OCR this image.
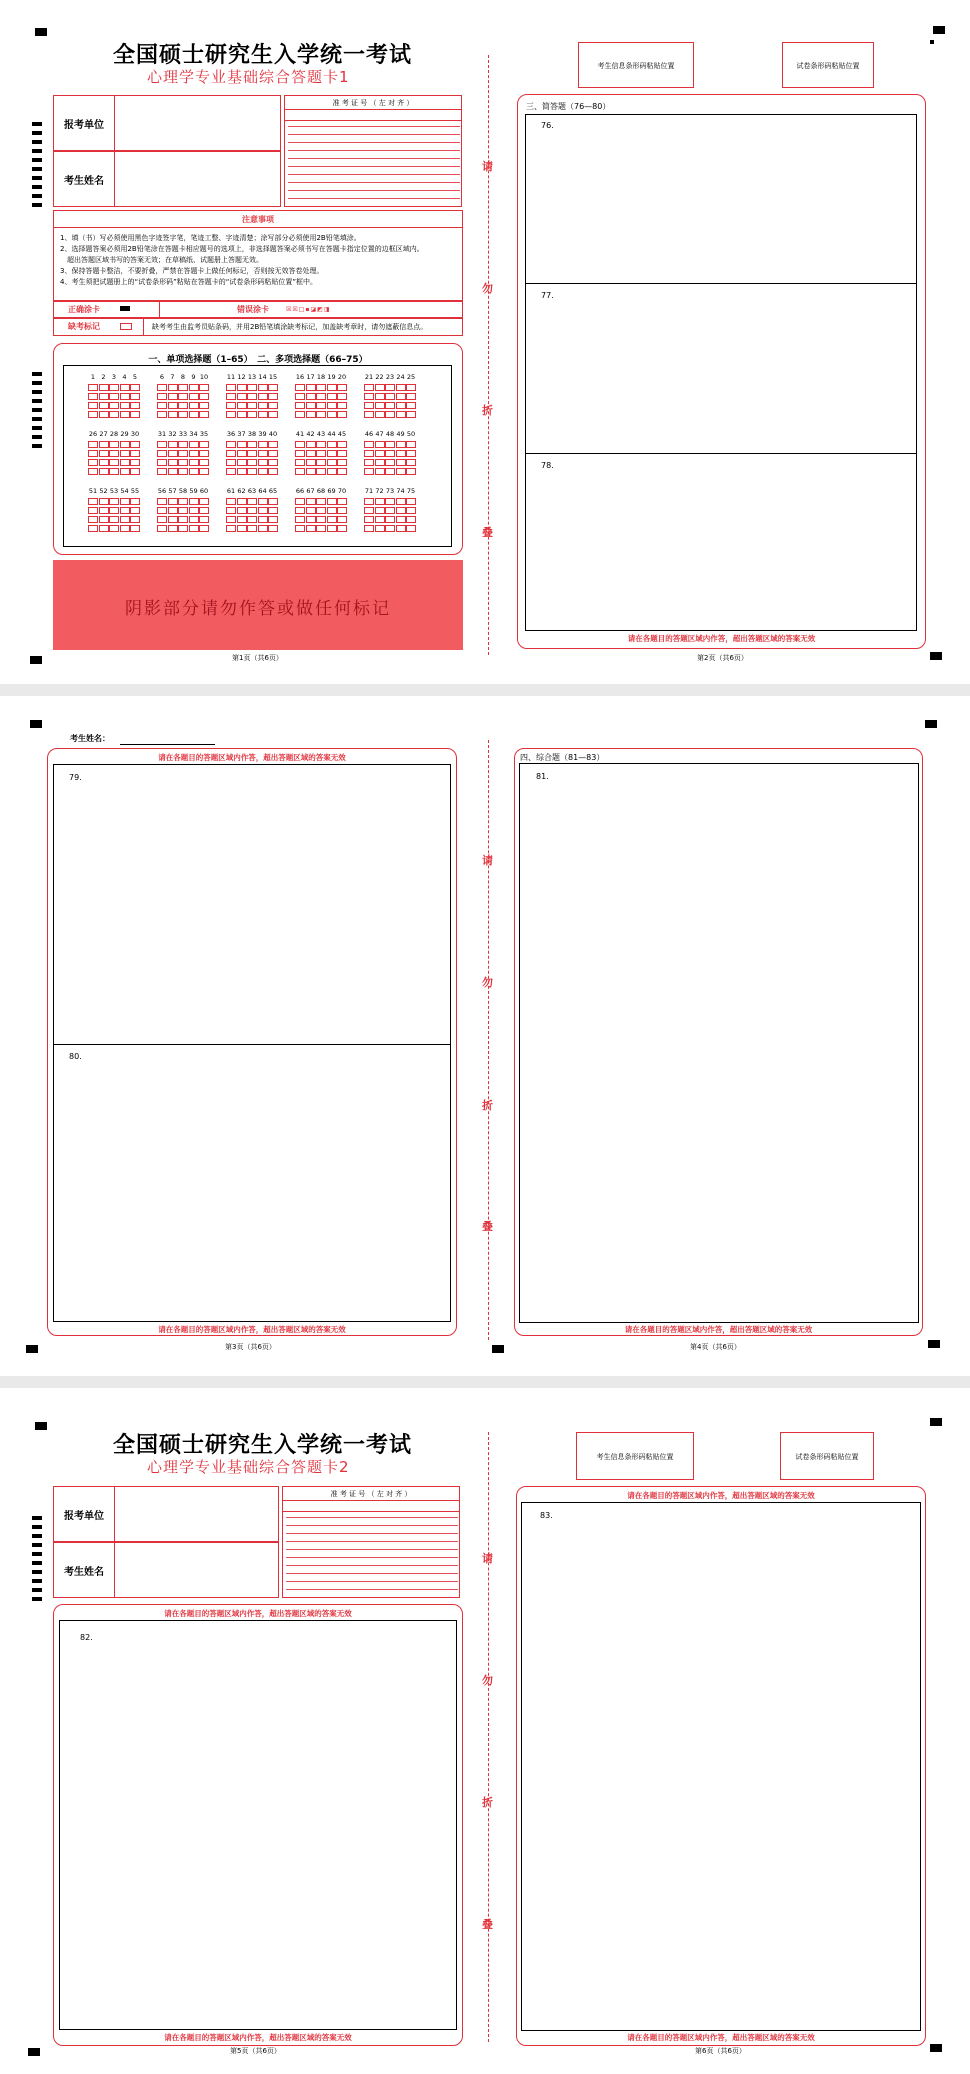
全国硕士研究生入学统一考试
心理学专业基础综合答题卡1
报考单位
考生姓名
准 考 证 号 （ 左 对 齐 ）
注意事项
1、填（书）写必须使用黑色字迹签字笔，笔迹工整、字迹清楚；涂写部分必须使用2B铅笔填涂。
2、选择题答案必须用2B铅笔涂在答题卡相应题号的选项上，非选择题答案必须书写在答题卡指定位置的边框区域内。
　超出答题区域书写的答案无效；在草稿纸、试题册上答题无效。
3、保持答题卡整洁，不要折叠，严禁在答题卡上做任何标记，否则按无效答卷处理。
4、考生须把试题册上的“试卷条形码”粘贴在答题卡的“试卷条形码粘贴位置”框中。
正确涂卡	错误涂卡	☒☒□▪◪◩◨
缺考标记	缺考考生由监考员贴条码，并用2B铅笔填涂缺考标记，加盖缺考章时，请勿遮蔽信息点。
一、单项选择题（1–65）　二、多项选择题（66–75）
1 2 3 4 5	6 7 8 9 10	11 12 13 14 15	16 17 18 19 20	21 22 23 24 25
26 27 28 29 30	31 32 33 34 35	36 37 38 39 40	41 42 43 44 45	46 47 48 49 50
51 52 53 54 55	56 57 58 59 60	61 62 63 64 65	66 67 68 69 70	71 72 73 74 75
阴影部分请勿作答或做任何标记
第1页（共6页）
请
勿
折
叠
考生信息条形码粘贴位置	试卷条形码粘贴位置
三、简答题（76—80）
76.
77.
78.
请在各题目的答题区域内作答，超出答题区域的答案无效
第2页（共6页）
考生姓名：
请在各题目的答题区域内作答，超出答题区域的答案无效
79.
80.
请在各题目的答题区域内作答，超出答题区域的答案无效
第3页（共6页）
请
勿
折
叠
四、综合题（81—83）
81.
请在各题目的答题区域内作答，超出答题区域的答案无效
第4页（共6页）
全国硕士研究生入学统一考试
心理学专业基础综合答题卡2
报考单位
考生姓名
准 考 证 号 （ 左 对 齐 ）
请在各题目的答题区域内作答，超出答题区域的答案无效
82.
请在各题目的答题区域内作答，超出答题区域的答案无效
第5页（共6页）
请
勿
折
叠
考生信息条形码粘贴位置	试卷条形码粘贴位置
请在各题目的答题区域内作答，超出答题区域的答案无效
83.
请在各题目的答题区域内作答，超出答题区域的答案无效
第6页（共6页）
